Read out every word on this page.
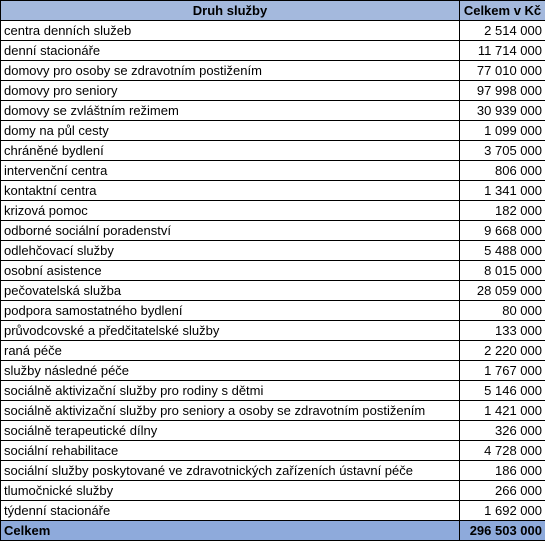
Druh služby	Celkem v Kč
centra denních služeb	2 514 000
denní stacionáře	11 714 000
domovy pro osoby se zdravotním postižením	77 010 000
domovy pro seniory	97 998 000
domovy se zvláštním režimem	30 939 000
domy na půl cesty	1 099 000
chráněné bydlení	3 705 000
intervenční centra	806 000
kontaktní centra	1 341 000
krizová pomoc	182 000
odborné sociální poradenství	9 668 000
odlehčovací služby	5 488 000
osobní asistence	8 015 000
pečovatelská služba	28 059 000
podpora samostatného bydlení	80 000
průvodcovské a předčitatelské služby	133 000
raná péče	2 220 000
služby následné péče	1 767 000
sociálně aktivizační služby pro rodiny s dětmi	5 146 000
sociálně aktivizační služby pro seniory a osoby se zdravotním postižením	1 421 000
sociálně terapeutické dílny	326 000
sociální rehabilitace	4 728 000
sociální služby poskytované ve zdravotnických zařízeních ústavní péče	186 000
tlumočnické služby	266 000
týdenní stacionáře	1 692 000
Celkem	296 503 000
